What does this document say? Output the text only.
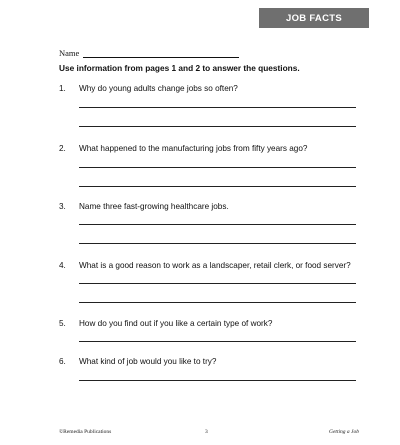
JOB FACTS
Name
Use information from pages 1 and 2 to answer the questions.
1.	Why do young adults change jobs so often?
2.	What happened to the manufacturing jobs from fifty years ago?
3.	Name three fast-growing healthcare jobs.
4.	What is a good reason to work as a landscaper, retail clerk, or food server?
5.	How do you find out if you like a certain type of work?
6.	What kind of job would you like to try?
©Remedia Publications	3	Getting a Job
